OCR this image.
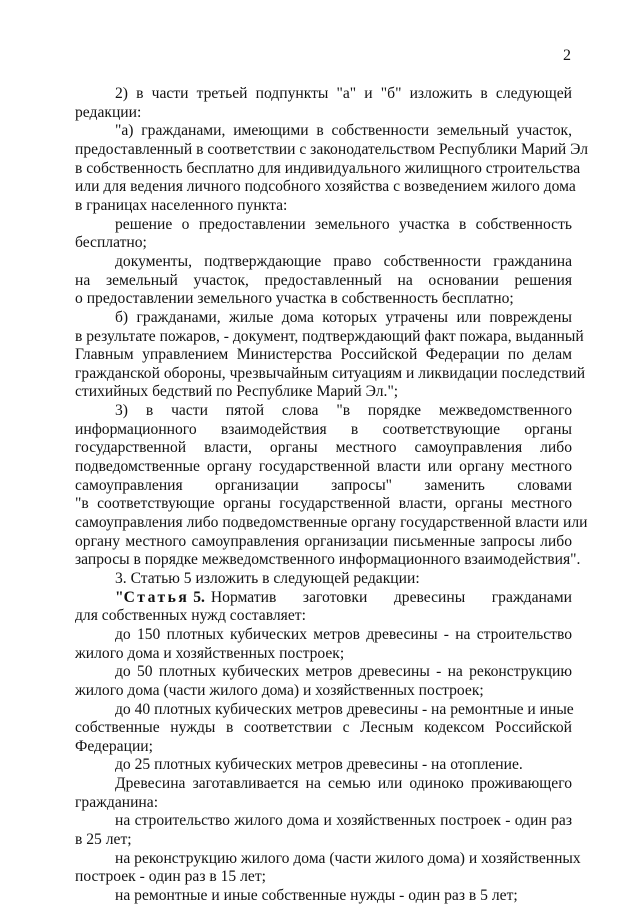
2
2) в части третьей подпункты "а" и "б" изложить в следующей
редакции:
"а) гражданами, имеющими в собственности земельный участок,
предоставленный в соответствии с законодательством Республики Марий Эл
в собственность бесплатно для индивидуального жилищного строительства
или для ведения личного подсобного хозяйства с возведением жилого дома
в границах населенного пункта:
решение о предоставлении земельного участка в собственность
бесплатно;
документы, подтверждающие право собственности гражданина
на земельный участок, предоставленный на основании решения
о предоставлении земельного участка в собственность бесплатно;
б) гражданами, жилые дома которых утрачены или повреждены
в результате пожаров, - документ, подтверждающий факт пожара, выданный
Главным управлением Министерства Российской Федерации по делам
гражданской обороны, чрезвычайным ситуациям и ликвидации последствий
стихийных бедствий по Республике Марий Эл.";
3) в части пятой слова "в порядке межведомственного
информационного взаимодействия в соответствующие органы
государственной власти, органы местного самоуправления либо
подведомственные органу государственной власти или органу местного
самоуправления организации запросы" заменить словами
"в соответствующие органы государственной власти, органы местного
самоуправления либо подведомственные органу государственной власти или
органу местного самоуправления организации письменные запросы либо
запросы в порядке межведомственного информационного взаимодействия".
3. Статью 5 изложить в следующей редакции:
"Статья 5. Норматив заготовки древесины гражданами
для собственных нужд составляет:
до 150 плотных кубических метров древесины - на строительство
жилого дома и хозяйственных построек;
до 50 плотных кубических метров древесины - на реконструкцию
жилого дома (части жилого дома) и хозяйственных построек;
до 40 плотных кубических метров древесины - на ремонтные и иные
собственные нужды в соответствии с Лесным кодексом Российской
Федерации;
до 25 плотных кубических метров древесины - на отопление.
Древесина заготавливается на семью или одиноко проживающего
гражданина:
на строительство жилого дома и хозяйственных построек - один раз
в 25 лет;
на реконструкцию жилого дома (части жилого дома) и хозяйственных
построек - один раз в 15 лет;
на ремонтные и иные собственные нужды - один раз в 5 лет;
